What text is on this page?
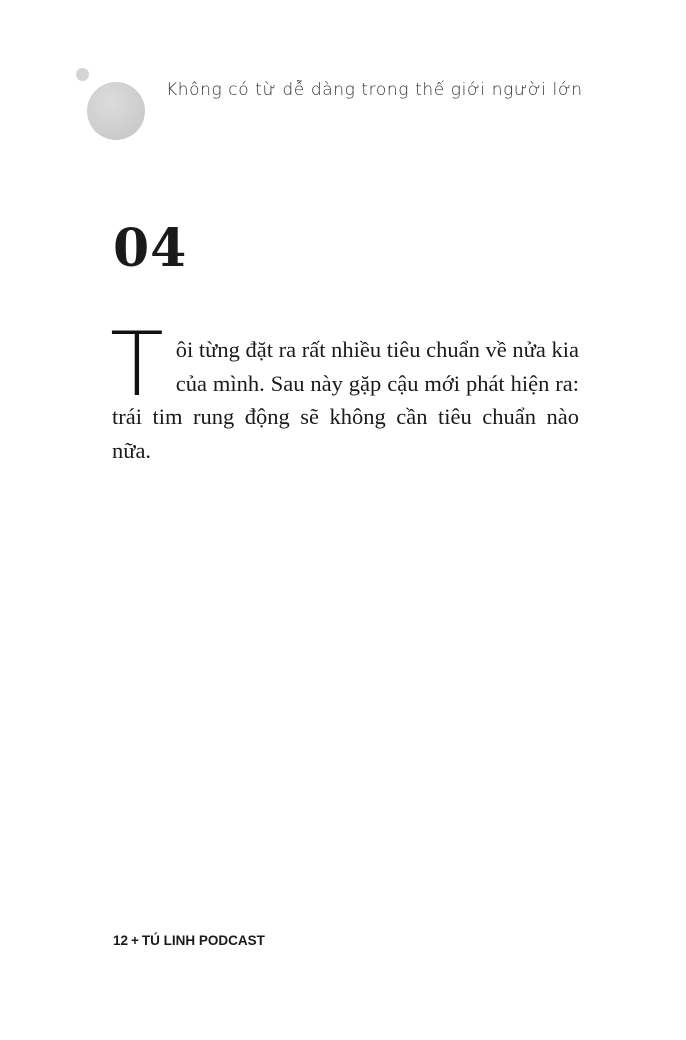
Không có từ dễ dàng trong thế giới người lớn
04
Tôi từng đặt ra rất nhiều tiêu chuẩn về nửa kia của mình. Sau này gặp cậu mới phát hiện ra: trái tim rung động sẽ không cần tiêu chuẩn nào nữa.
12 + TÚ LINH PODCAST
